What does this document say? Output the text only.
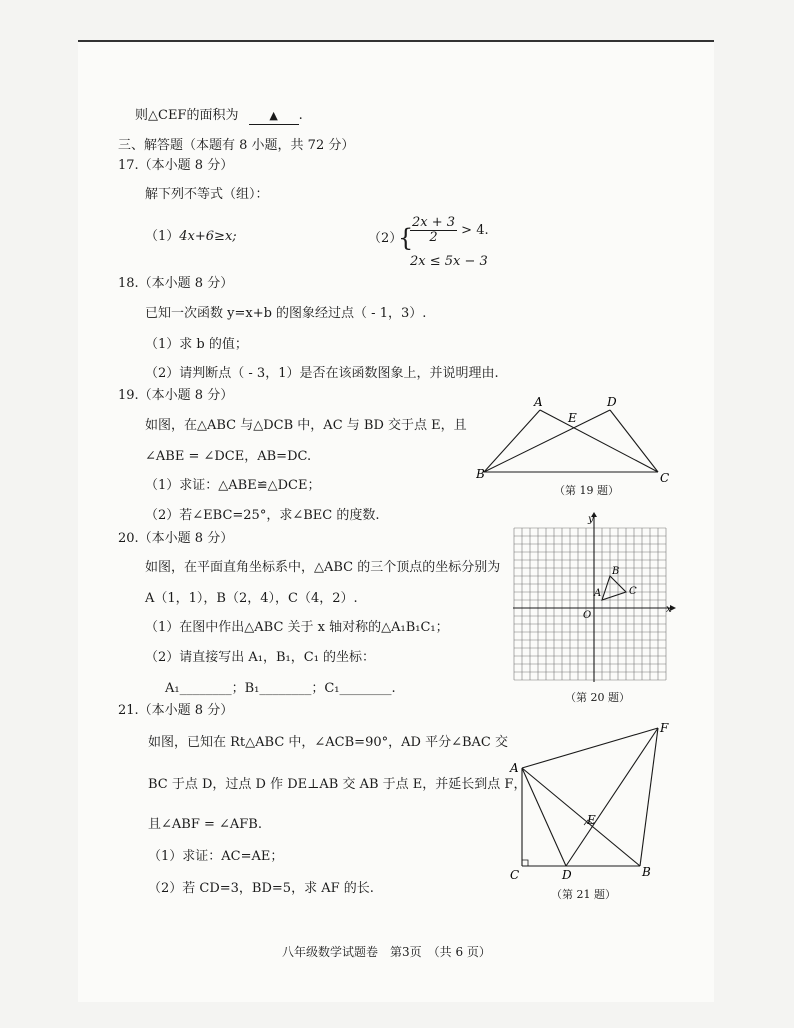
则△CEF的面积为	▲ .
三、解答题（本题有 8 小题，共 72 分）
17.（本小题 8 分）
解下列不等式（组）：
（1）4x+6≥x;	（2）
{
$\frac{2x + 3}{2} > 4$.
2x ≤ 5x − 3
18.（本小题 8 分）
已知一次函数 y=x+b 的图象经过点（ - 1，3）.
（1）求 b 的值；
（2）请判断点（ - 3，1）是否在该函数图象上，并说明理由.
19.（本小题 8 分）
如图，在△ABC 与△DCB 中，AC 与 BD 交于点 E，且
∠ABE = ∠DCE，AB=DC.
（1）求证：△ABE≌△DCE；
（2）若∠EBC=25°，求∠BEC 的度数.
A
E
D
B	C
（第 19 题）
20.（本小题 8 分）
如图，在平面直角坐标系中，△ABC 的三个顶点的坐标分别为
A（1，1），B（2，4），C（4，2）.
（1）在图中作出△ABC 关于 x 轴对称的△A₁B₁C₁；
（2）请直接写出 A₁，B₁，C₁ 的坐标：
A₁________；B₁________；C₁________.
A
B
C
O
x
y
（第 20 题）
21.（本小题 8 分）
如图，已知在 Rt△ABC 中，∠ACB=90°，AD 平分∠BAC 交
BC 于点 D，过点 D 作 DE⊥AB 交 AB 于点 E，并延长到点 F，
且∠ABF = ∠AFB.
（1）求证：AC=AE；
（2）若 CD=3，BD=5，求 AF 的长.
A
F
E
C	D	B
（第 21 题）
八年级数学试题卷　第3页　（共 6 页）
